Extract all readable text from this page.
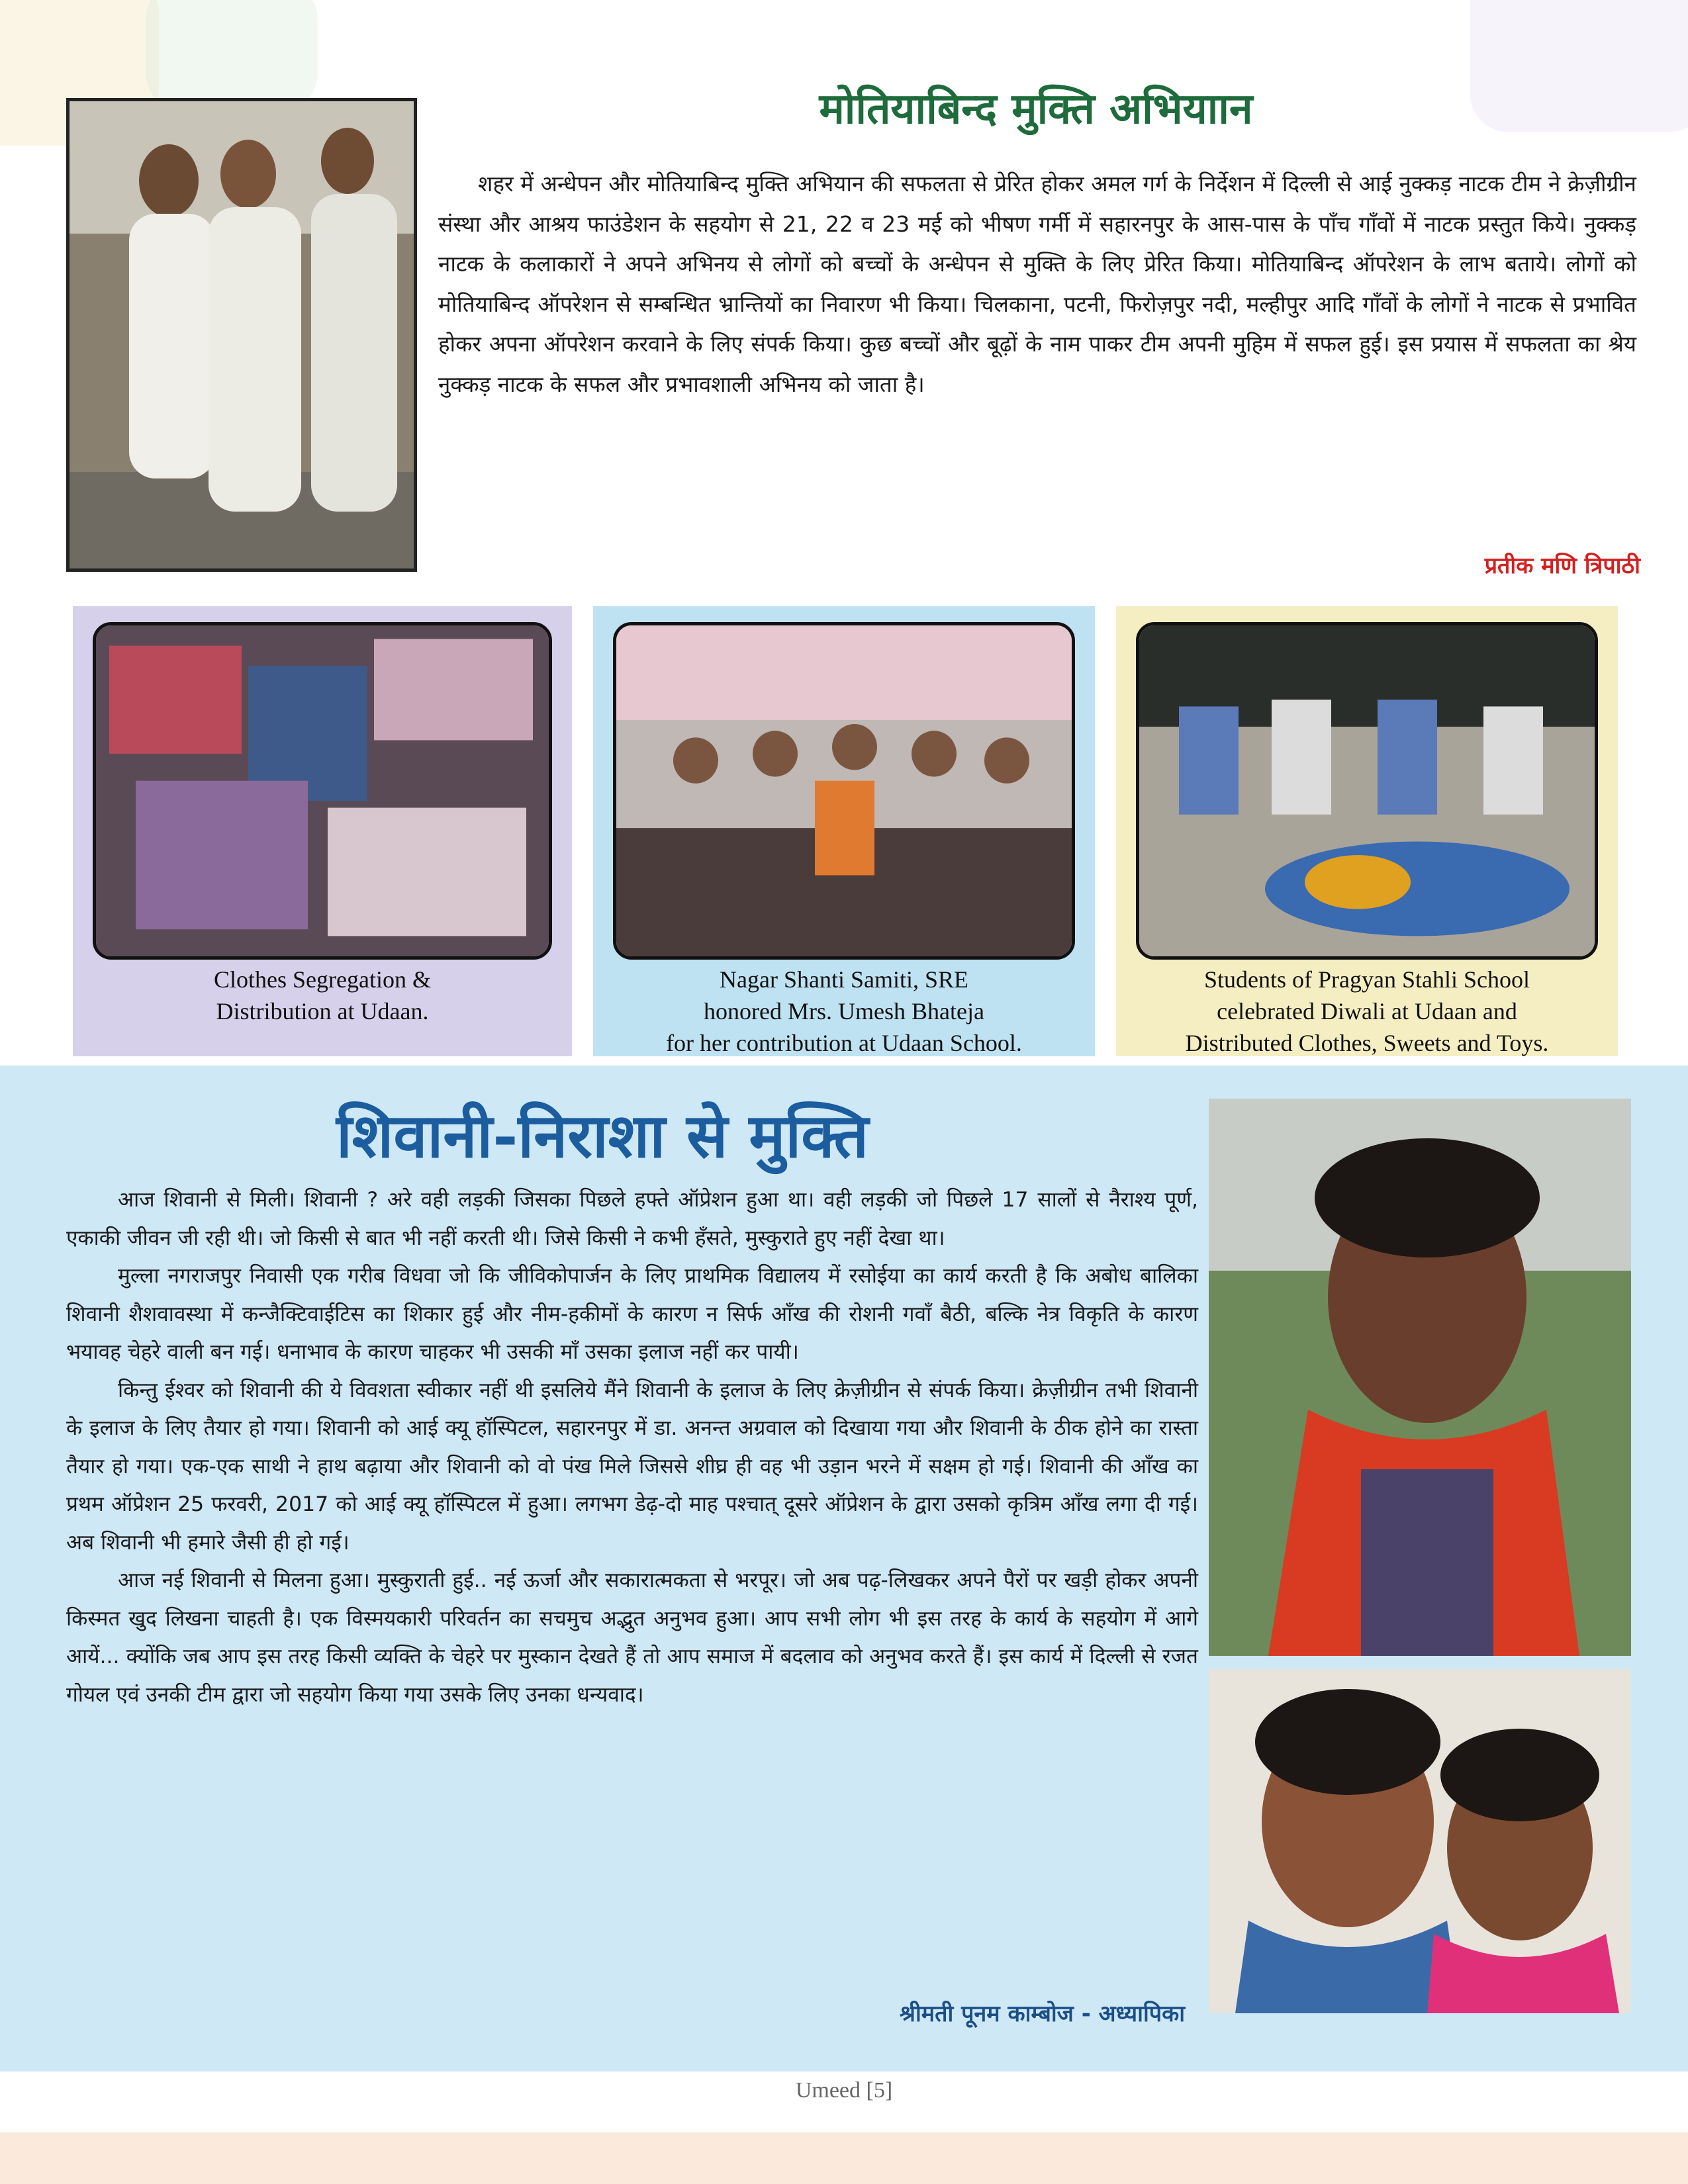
मोतियाबिन्द मुक्ति अभियाान

शहर में अन्धेपन और मोतियाबिन्द मुक्ति अभियान की सफलता से प्रेरित होकर अमल गर्ग के निर्देशन में दिल्ली से आई नुक्कड़ नाटक टीम ने क्रेज़ीग्रीन संस्था और आश्रय फाउंडेशन के सहयोग से 21, 22 व 23 मई को भीषण गर्मी में सहारनपुर के आस-पास के पाँच गाँवों में नाटक प्रस्तुत किये। नुक्कड़ नाटक के कलाकारों ने अपने अभिनय से लोगों को बच्चों के अन्धेपन से मुक्ति के लिए प्रेरित किया। मोतियाबिन्द ऑपरेशन के लाभ बताये। लोगों को मोतियाबिन्द ऑपरेशन से सम्बन्धित भ्रान्तियों का निवारण भी किया। चिलकाना, पटनी, फिरोज़पुर नदी, मल्हीपुर आदि गाँवों के लोगों ने नाटक से प्रभावित होकर अपना ऑपरेशन करवाने के लिए संपर्क किया। कुछ बच्चों और बूढ़ों के नाम पाकर टीम अपनी मुहिम में सफल हुई। इस प्रयास में सफलता का श्रेय नुक्कड़ नाटक के सफल और प्रभावशाली अभिनय को जाता है।

प्रतीक मणि त्रिपाठी
Clothes Segregation &
Distribution at Udaan.
Nagar Shanti Samiti, SRE
honored Mrs. Umesh Bhateja
for her contribution at Udaan School.
Students of Pragyan Stahli School
celebrated Diwali at Udaan and
Distributed Clothes, Sweets and Toys.
शिवानी-निराशा से मुक्ति

आज शिवानी से मिली। शिवानी ? अरे वही लड़की जिसका पिछले हफ्ते ऑप्रेशन हुआ था। वही लड़की जो पिछले 17 सालों से नैराश्य पूर्ण, एकाकी जीवन जी रही थी। जो किसी से बात भी नहीं करती थी। जिसे किसी ने कभी हँसते, मुस्कुराते हुए नहीं देखा था।

मुल्ला नगराजपुर निवासी एक गरीब विधवा जो कि जीविकोपार्जन के लिए प्राथमिक विद्यालय में रसोईया का कार्य करती है कि अबोध बालिका शिवानी शैशवावस्था में कन्जैक्टिवाईटिस का शिकार हुई और नीम-हकीमों के कारण न सिर्फ आँख की रोशनी गवाँ बैठी, बल्कि नेत्र विकृति के कारण भयावह चेहरे वाली बन गई। धनाभाव के कारण चाहकर भी उसकी माँ उसका इलाज नहीं कर पायी।

किन्तु ईश्वर को शिवानी की ये विवशता स्वीकार नहीं थी इसलिये मैंने शिवानी के इलाज के लिए क्रेज़ीग्रीन से संपर्क किया। क्रेज़ीग्रीन तभी शिवानी के इलाज के लिए तैयार हो गया। शिवानी को आई क्यू हॉस्पिटल, सहारनपुर में डा. अनन्त अग्रवाल को दिखाया गया और शिवानी के ठीक होने का रास्ता तैयार हो गया। एक-एक साथी ने हाथ बढ़ाया और शिवानी को वो पंख मिले जिससे शीघ्र ही वह भी उड़ान भरने में सक्षम हो गई। शिवानी की आँख का प्रथम ऑप्रेशन 25 फरवरी, 2017 को आई क्यू हॉस्पिटल में हुआ। लगभग डेढ़-दो माह पश्चात् दूसरे ऑप्रेशन के द्वारा उसको कृत्रिम आँख लगा दी गई। अब शिवानी भी हमारे जैसी ही हो गई।

आज नई शिवानी से मिलना हुआ। मुस्कुराती हुई.. नई ऊर्जा और सकारात्मकता से भरपूर। जो अब पढ़-लिखकर अपने पैरों पर खड़ी होकर अपनी किस्मत खुद लिखना चाहती है। एक विस्मयकारी परिवर्तन का सचमुच अद्भुत अनुभव हुआ। आप सभी लोग भी इस तरह के कार्य के सहयोग में आगे आयें... क्योंकि जब आप इस तरह किसी व्यक्ति के चेहरे पर मुस्कान देखते हैं तो आप समाज में बदलाव को अनुभव करते हैं। इस कार्य में दिल्ली से रजत गोयल एवं उनकी टीम द्वारा जो सहयोग किया गया उसके लिए उनका धन्यवाद।

श्रीमती पूनम काम्बोज - अध्यापिका
Umeed [5]
